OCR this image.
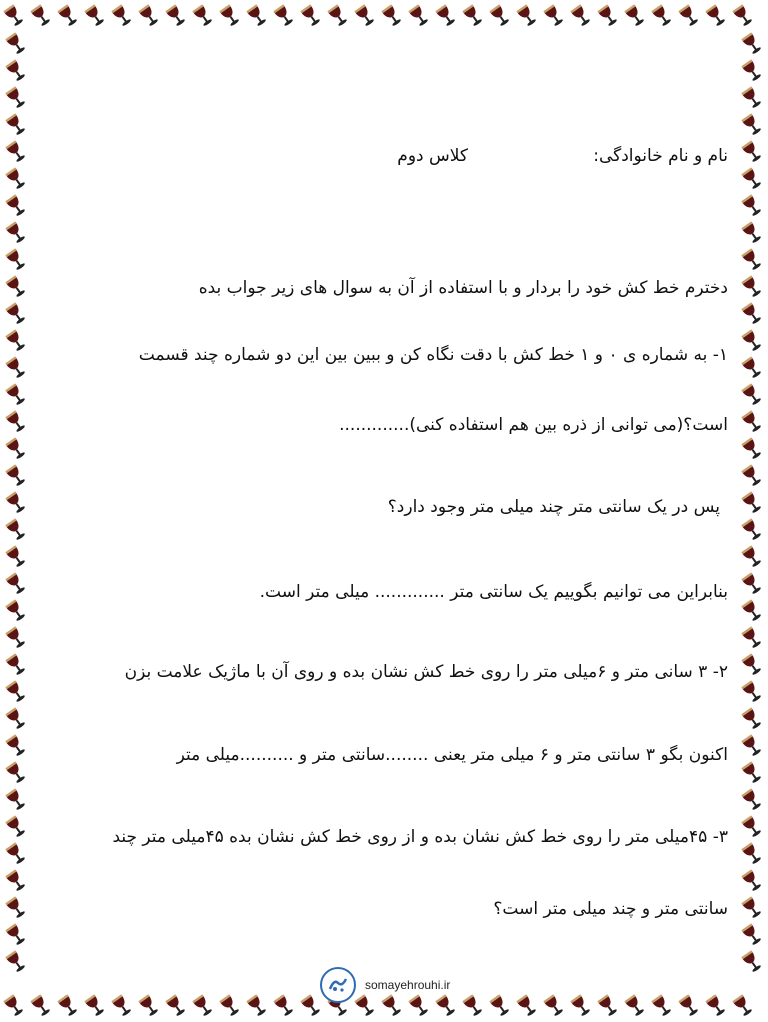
نام و نام خانوادگی:
کلاس دوم
دخترم خط کش خود را بردار و با استفاده از آن به سوال های زیر جواب بده
۱- به شماره ی ۰ و ۱ خط کش با دقت نگاه کن و ببین بین این دو شماره چند قسمت
است؟(می توانی از ذره بین هم استفاده کنی).............
پس در یک سانتی متر چند میلی متر وجود دارد؟
بنابراین می توانیم بگوییم یک سانتی متر ............. میلی متر است.
۲- ۳ سانی متر و ۶میلی متر را روی خط کش نشان بده و روی آن با ماژیک علامت بزن
اکنون بگو ۳ سانتی متر و ۶ میلی متر یعنی ........سانتی متر و ..........میلی متر
۳- ۴۵میلی متر را روی خط کش نشان بده و از روی خط کش نشان بده ۴۵میلی متر چند
سانتی متر و چند میلی متر است؟
somayehrouhi.ir
